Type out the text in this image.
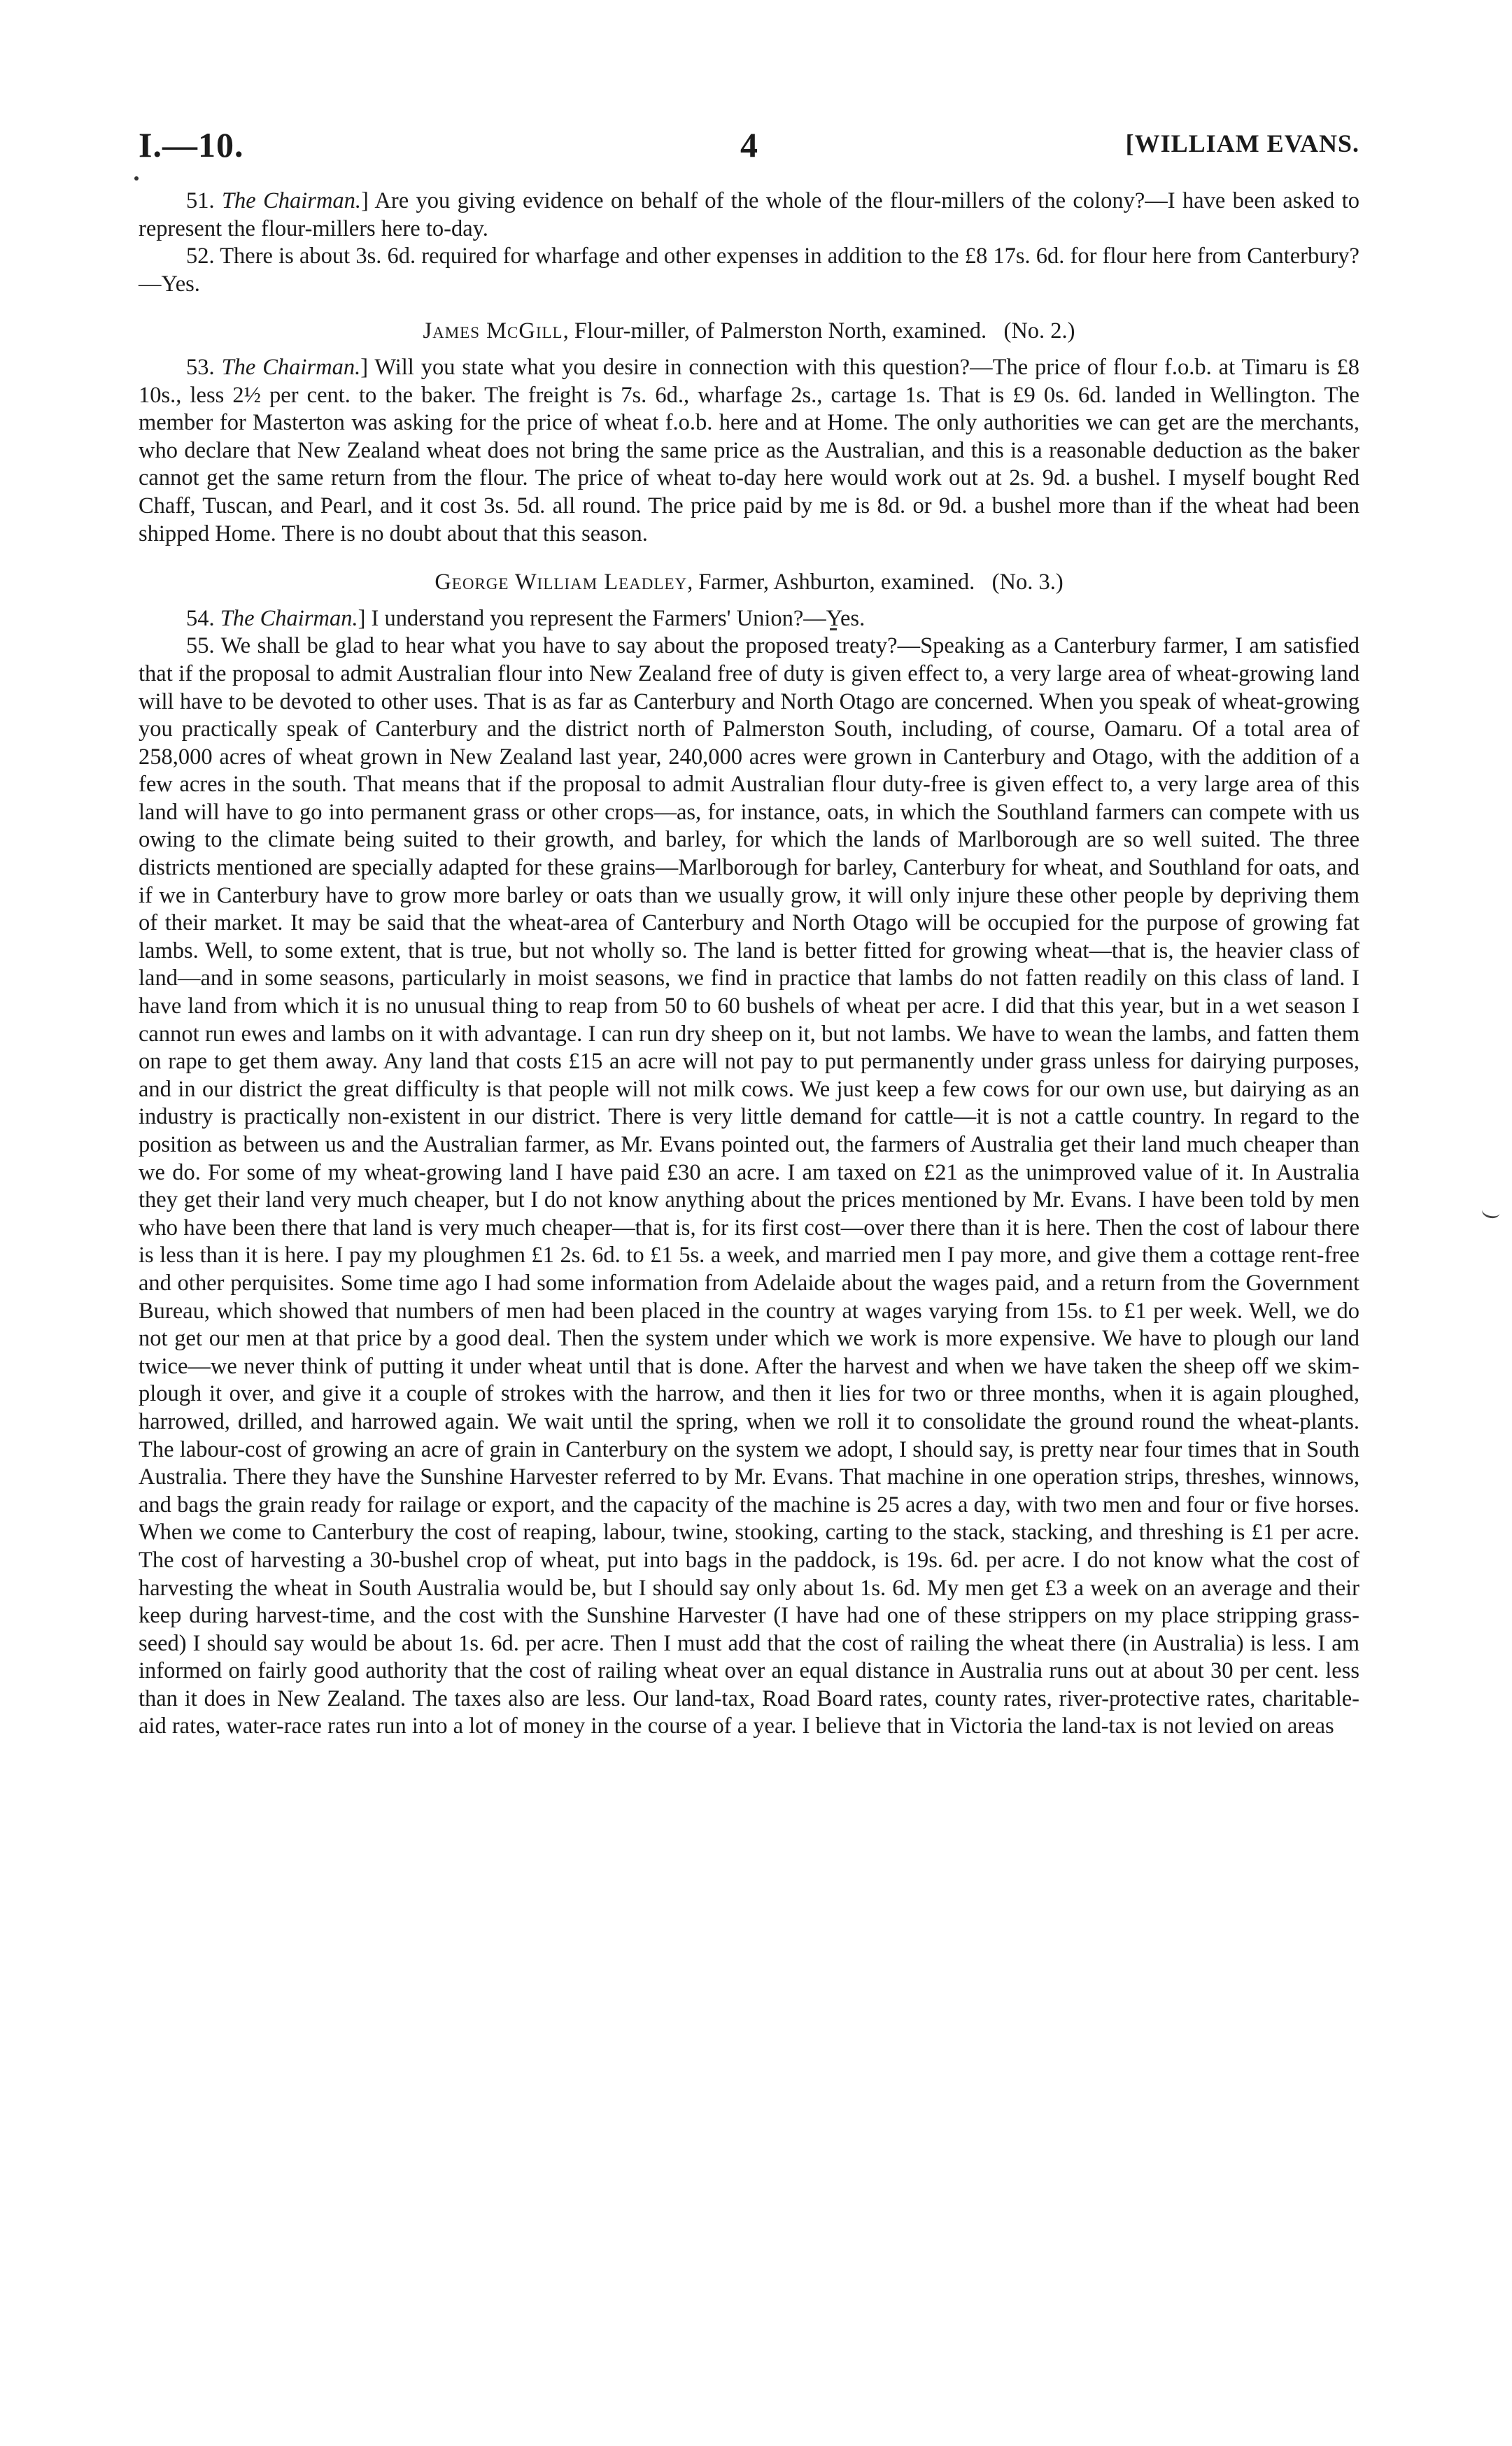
I.—10.	4	[WILLIAM EVANS.

51. The Chairman.] Are you giving evidence on behalf of the whole of the flour-millers of the colony?—I have been asked to represent the flour-millers here to-day.

52. There is about 3s. 6d. required for wharfage and other expenses in addition to the £8 17s. 6d. for flour here from Canterbury?—Yes.

James McGill, Flour-miller, of Palmerston North, examined. (No. 2.)

53. The Chairman.] Will you state what you desire in connection with this question?—The price of flour f.o.b. at Timaru is £8 10s., less 2½ per cent. to the baker. The freight is 7s. 6d., wharfage 2s., cartage 1s. That is £9 0s. 6d. landed in Wellington. The member for Masterton was asking for the price of wheat f.o.b. here and at Home. The only authorities we can get are the merchants, who declare that New Zealand wheat does not bring the same price as the Australian, and this is a reasonable deduction as the baker cannot get the same return from the flour. The price of wheat to-day here would work out at 2s. 9d. a bushel. I myself bought Red Chaff, Tuscan, and Pearl, and it cost 3s. 5d. all round. The price paid by me is 8d. or 9d. a bushel more than if the wheat had been shipped Home. There is no doubt about that this season.

George William Leadley, Farmer, Ashburton, examined. (No. 3.)

54. The Chairman.] I understand you represent the Farmers' Union?—Yes.

55. We shall be glad to hear what you have to say about the proposed treaty?—Speaking as a Canterbury farmer, I am satisfied that if the proposal to admit Australian flour into New Zealand free of duty is given effect to, a very large area of wheat-growing land will have to be devoted to other uses. That is as far as Canterbury and North Otago are concerned. When you speak of wheat-growing you practically speak of Canterbury and the district north of Palmerston South, including, of course, Oamaru. Of a total area of 258,000 acres of wheat grown in New Zealand last year, 240,000 acres were grown in Canterbury and Otago, with the addition of a few acres in the south. That means that if the proposal to admit Australian flour duty-free is given effect to, a very large area of this land will have to go into permanent grass or other crops—as, for instance, oats, in which the Southland farmers can compete with us owing to the climate being suited to their growth, and barley, for which the lands of Marlborough are so well suited. The three districts mentioned are specially adapted for these grains—Marlborough for barley, Canterbury for wheat, and Southland for oats, and if we in Canterbury have to grow more barley or oats than we usually grow, it will only injure these other people by depriving them of their market. It may be said that the wheat-area of Canterbury and North Otago will be occupied for the purpose of growing fat lambs. Well, to some extent, that is true, but not wholly so. The land is better fitted for growing wheat—that is, the heavier class of land—and in some seasons, particularly in moist seasons, we find in practice that lambs do not fatten readily on this class of land. I have land from which it is no unusual thing to reap from 50 to 60 bushels of wheat per acre. I did that this year, but in a wet season I cannot run ewes and lambs on it with advantage. I can run dry sheep on it, but not lambs. We have to wean the lambs, and fatten them on rape to get them away. Any land that costs £15 an acre will not pay to put permanently under grass unless for dairying purposes, and in our district the great difficulty is that people will not milk cows. We just keep a few cows for our own use, but dairying as an industry is practically non-existent in our district. There is very little demand for cattle—it is not a cattle country. In regard to the position as between us and the Australian farmer, as Mr. Evans pointed out, the farmers of Australia get their land much cheaper than we do. For some of my wheat-growing land I have paid £30 an acre. I am taxed on £21 as the unimproved value of it. In Australia they get their land very much cheaper, but I do not know anything about the prices mentioned by Mr. Evans. I have been told by men who have been there that land is very much cheaper—that is, for its first cost—over there than it is here. Then the cost of labour there is less than it is here. I pay my ploughmen £1 2s. 6d. to £1 5s. a week, and married men I pay more, and give them a cottage rent-free and other perquisites. Some time ago I had some information from Adelaide about the wages paid, and a return from the Government Bureau, which showed that numbers of men had been placed in the country at wages varying from 15s. to £1 per week. Well, we do not get our men at that price by a good deal. Then the system under which we work is more expensive. We have to plough our land twice—we never think of putting it under wheat until that is done. After the harvest and when we have taken the sheep off we skim-plough it over, and give it a couple of strokes with the harrow, and then it lies for two or three months, when it is again ploughed, harrowed, drilled, and harrowed again. We wait until the spring, when we roll it to consolidate the ground round the wheat-plants. The labour-cost of growing an acre of grain in Canterbury on the system we adopt, I should say, is pretty near four times that in South Australia. There they have the Sunshine Harvester referred to by Mr. Evans. That machine in one operation strips, threshes, winnows, and bags the grain ready for railage or export, and the capacity of the machine is 25 acres a day, with two men and four or five horses. When we come to Canterbury the cost of reaping, labour, twine, stooking, carting to the stack, stacking, and threshing is £1 per acre. The cost of harvesting a 30-bushel crop of wheat, put into bags in the paddock, is 19s. 6d. per acre. I do not know what the cost of harvesting the wheat in South Australia would be, but I should say only about 1s. 6d. My men get £3 a week on an average and their keep during harvest-time, and the cost with the Sunshine Harvester (I have had one of these strippers on my place stripping grass-seed) I should say would be about 1s. 6d. per acre. Then I must add that the cost of railing the wheat there (in Australia) is less. I am informed on fairly good authority that the cost of railing wheat over an equal distance in Australia runs out at about 30 per cent. less than it does in New Zealand. The taxes also are less. Our land-tax, Road Board rates, county rates, river-protective rates, charitable-aid rates, water-race rates run into a lot of money in the course of a year. I believe that in Victoria the land-tax is not levied on areas
